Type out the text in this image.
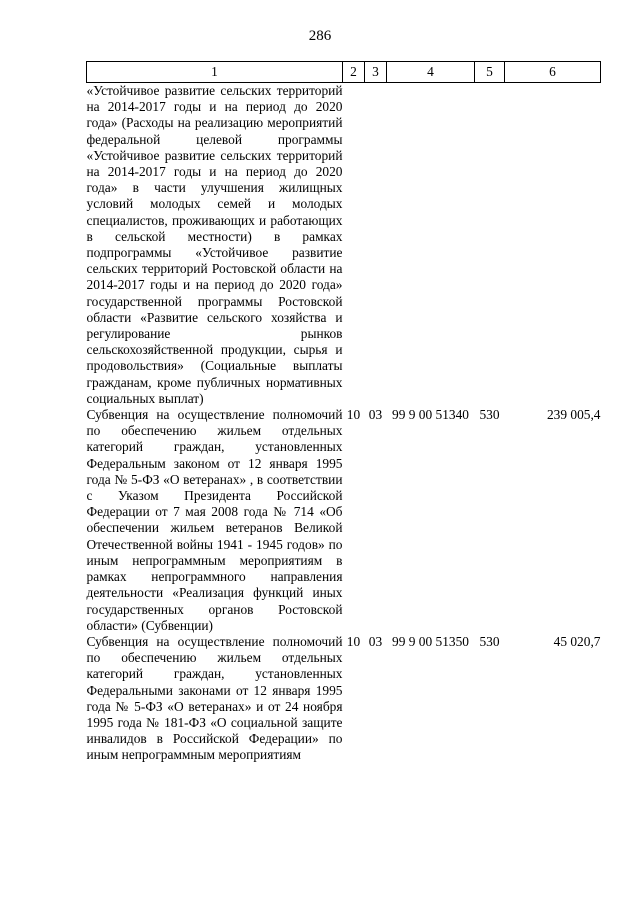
286
1	2	3	4	5	6
«Устойчивое развитие сельских территорий на 2014-2017 годы и на период до 2020 года» (Расходы на реализацию мероприятий федеральной целевой программы «Устойчивое развитие сельских территорий на 2014-2017 годы и на период до 2020 года» в части улучшения жилищных условий молодых семей и молодых специалистов, проживающих и работающих в сельской местности) в рамках подпрограммы «Устойчивое развитие сельских территорий Ростовской области на 2014-2017 годы и на период до 2020 года» государственной программы Ростовской области «Развитие сельского хозяйства и регулирование рынков сельскохозяйственной продукции, сырья и продовольствия» (Социальные выплаты гражданам, кроме публичных нормативных социальных выплат)					
Субвенция на осуществление полномочий по обеспечению жильем отдельных категорий граждан, установленных Федеральным законом от 12 января 1995 года № 5-ФЗ «О ветеранах» , в соответствии с Указом Президента Российской Федерации от 7 мая 2008 года № 714 «Об обеспечении жильем ветеранов Великой Отечественной войны 1941 - 1945 годов» по иным непрограммным мероприятиям в рамках непрограммного направления деятельности «Реализация функций иных государственных органов Ростовской области» (Субвенции)	10	03	99 9 00 51340	530	239 005,4
Субвенция на осуществление полномочий по обеспечению жильем отдельных категорий граждан, установленных Федеральными законами от 12 января 1995 года № 5-ФЗ «О ветеранах» и от 24 ноября 1995 года № 181-ФЗ «О социальной защите инвалидов в Российской Федерации» по иным непрограммным мероприятиям	10	03	99 9 00 51350	530	45 020,7
